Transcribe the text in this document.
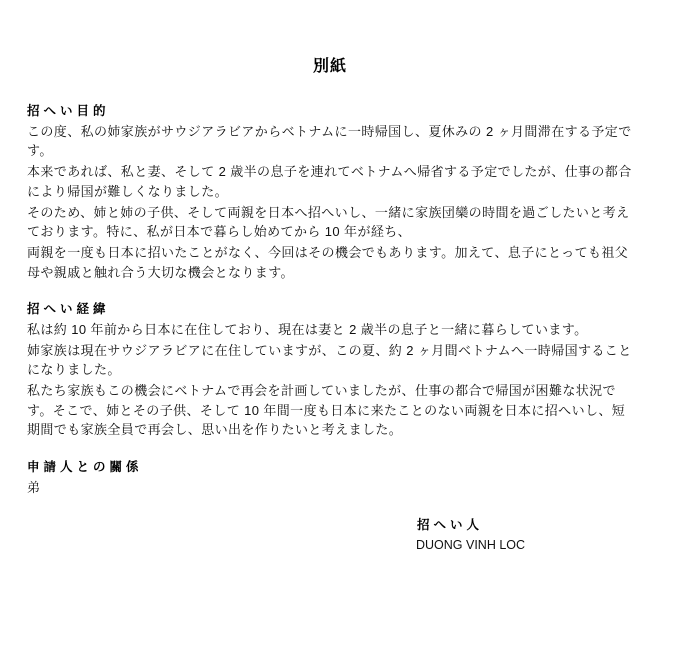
別紙
招へい目的
この度、私の姉家族がサウジアラビアからベトナムに一時帰国し、夏休みの 2 ヶ月間滞在する予定で
す。
本来であれば、私と妻、そして 2 歳半の息子を連れてベトナムへ帰省する予定でしたが、仕事の都合
により帰国が難しくなりました。
そのため、姉と姉の子供、そして両親を日本へ招へいし、一緒に家族団欒の時間を過ごしたいと考え
ております。特に、私が日本で暮らし始めてから 10 年が経ち、
両親を一度も日本に招いたことがなく、今回はその機会でもあります。加えて、息子にとっても祖父
母や親戚と触れ合う大切な機会となります。
招へい経緯
私は約 10 年前から日本に在住しており、現在は妻と 2 歳半の息子と一緒に暮らしています。
姉家族は現在サウジアラビアに在住していますが、この夏、約 2 ヶ月間ベトナムへ一時帰国すること
になりました。
私たち家族もこの機会にベトナムで再会を計画していましたが、仕事の都合で帰国が困難な状況で
す。そこで、姉とその子供、そして 10 年間一度も日本に来たことのない両親を日本に招へいし、短
期間でも家族全員で再会し、思い出を作りたいと考えました。
申請人との關係
弟
招へい人
DUONG VINH LOC
